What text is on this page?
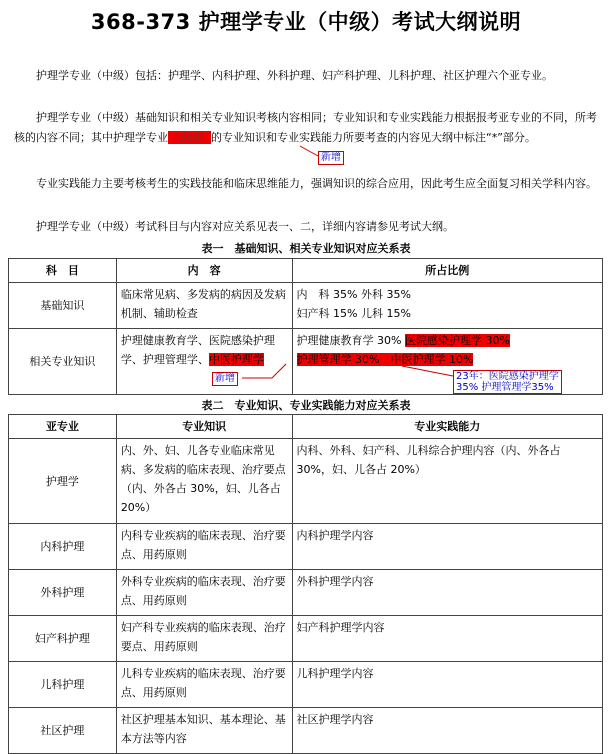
368-373 护理学专业（中级）考试大纲说明

护理学专业（中级）包括：护理学、内科护理、外科护理、妇产科护理、儿科护理、社区护理六个亚专业。

护理学专业（中级）基础知识和相关专业知识考核内容相同；专业知识和专业实践能力根据报考亚专业的不同，所考核的内容不同；其中护理学专业（368）的专业知识和专业实践能力所要考查的内容见大纲中标注“*”部分。

专业实践能力主要考核考生的实践技能和临床思维能力，强调知识的综合应用，因此考生应全面复习相关学科内容。

护理学专业（中级）考试科目与内容对应关系见表一、二，详细内容请参见考试大纲。

新增
表一　基础知识、相关专业知识对应关系表
科　目	内　容	所占比例
基础知识	临床常见病、多发病的病因及发病机制、辅助检查	内　科 35% 外科 35%
妇产科 15% 儿科 15%

相关专业知识	护理健康教育学、医院感染护理学、护理管理学、中医护理学	护理健康教育学 30% 医院感染护理学 30%
护理管理学 30%　中医护理学 10%
新增	23年：医院感染护理学
35% 护理管理学35%
表二　专业知识、专业实践能力对应关系表
亚专业	专业知识	专业实践能力
护理学	内、外、妇、儿各专业临床常见病、多发病的临床表现、治疗要点（内、外各占 30%，妇、儿各占 20%）	内科、外科、妇产科、儿科综合护理内容（内、外各占 30%，妇、儿各占 20%）
内科护理	内科专业疾病的临床表现、治疗要点、用药原则	内科护理学内容
外科护理	外科专业疾病的临床表现、治疗要点、用药原则	外科护理学内容
妇产科护理	妇产科专业疾病的临床表现、治疗要点、用药原则	妇产科护理学内容
儿科护理	儿科专业疾病的临床表现、治疗要点、用药原则	儿科护理学内容
社区护理	社区护理基本知识、基本理论、基本方法等内容	社区护理学内容
